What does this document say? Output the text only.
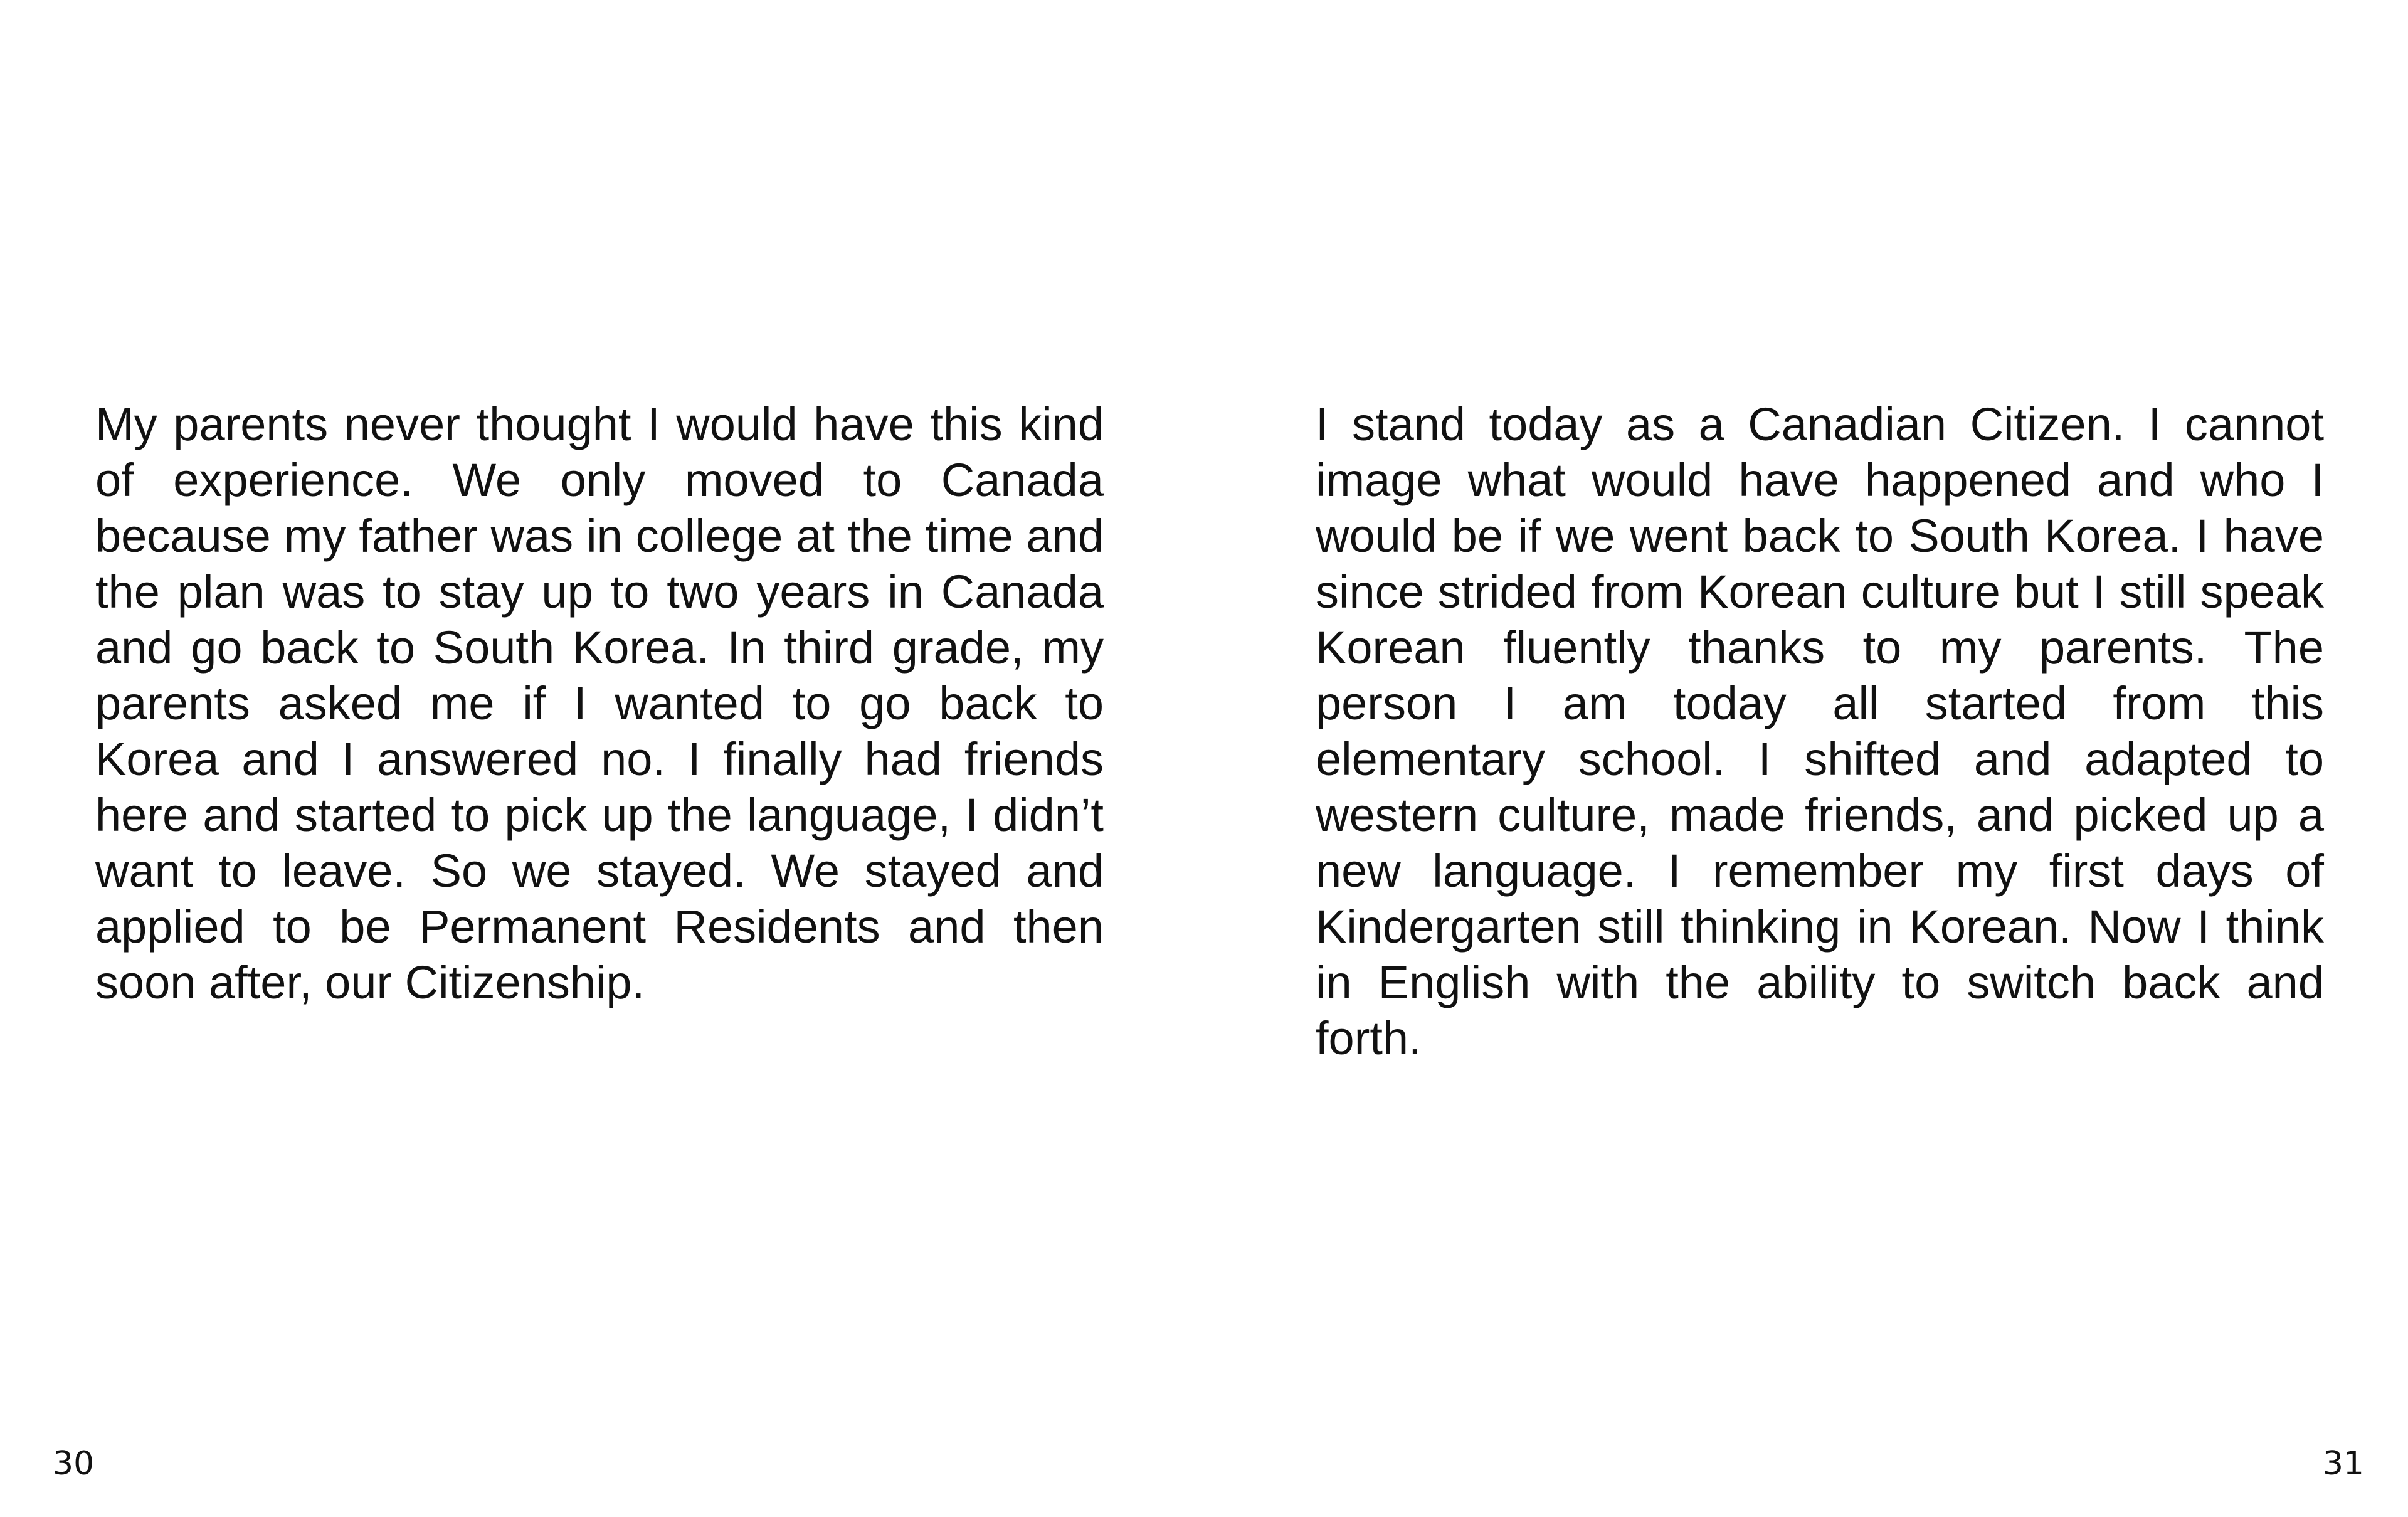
My parents never thought I would have this kind of experience. We only moved to Canada because my father was in college at the time and the plan was to stay up to two years in Canada and go back to South Korea. In third grade, my parents asked me if I wanted to go back to Korea and I answered no. I finally had friends here and started to pick up the language, I didn’t want to leave. So we stayed. We stayed and applied to be Permanent Residents and then soon after, our Citizenship.

30

I stand today as a Canadian Citizen. I cannot image what would have happened and who I would be if we went back to South Korea. I have since strided from Korean culture but I still speak Korean fluently thanks to my parents. The person I am today all started from this elementary school. I shifted and adapted to western culture, made friends, and picked up a new language. I remember my first days of Kindergarten still thinking in Korean. Now I think in English with the ability to switch back and forth.

31
